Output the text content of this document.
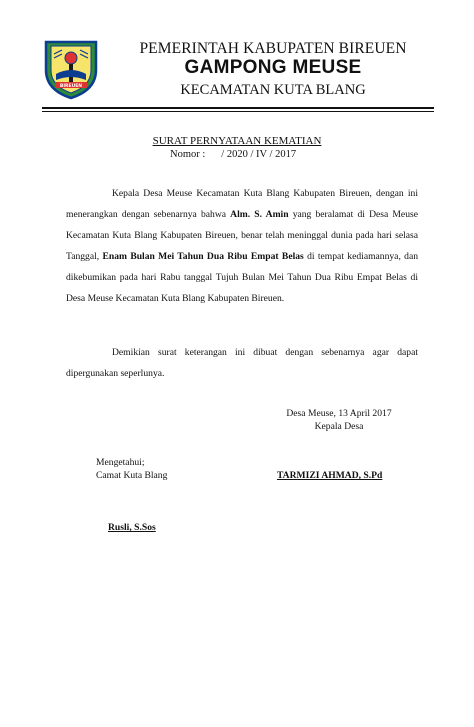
BIREUEN
PEMERINTAH KABUPATEN BIREUEN
GAMPONG MEUSE
KECAMATAN KUTA BLANG
SURAT PERNYATAAN KEMATIAN
Nomor : / 2020 / IV / 2017
Kepala Desa Meuse Kecamatan Kuta Blang Kabupaten Bireuen, dengan ini menerangkan dengan sebenarnya bahwa Alm. S. Amin yang beralamat di Desa Meuse Kecamatan Kuta Blang Kabupaten Bireuen, benar telah meninggal dunia pada hari selasa Tanggal, Enam Bulan Mei Tahun Dua Ribu Empat Belas di tempat kediamannya, dan dikebumikan pada hari Rabu tanggal Tujuh Bulan Mei Tahun Dua Ribu Empat Belas di Desa Meuse Kecamatan Kuta Blang Kabupaten Bireuen.
Demikian surat keterangan ini dibuat dengan sebenarnya agar dapat dipergunakan seperlunya.
Desa Meuse, 13 April 2017
Kepala Desa
Mengetahui;
Camat Kuta Blang	TARMIZI AHMAD, S.Pd
Rusli, S.Sos
